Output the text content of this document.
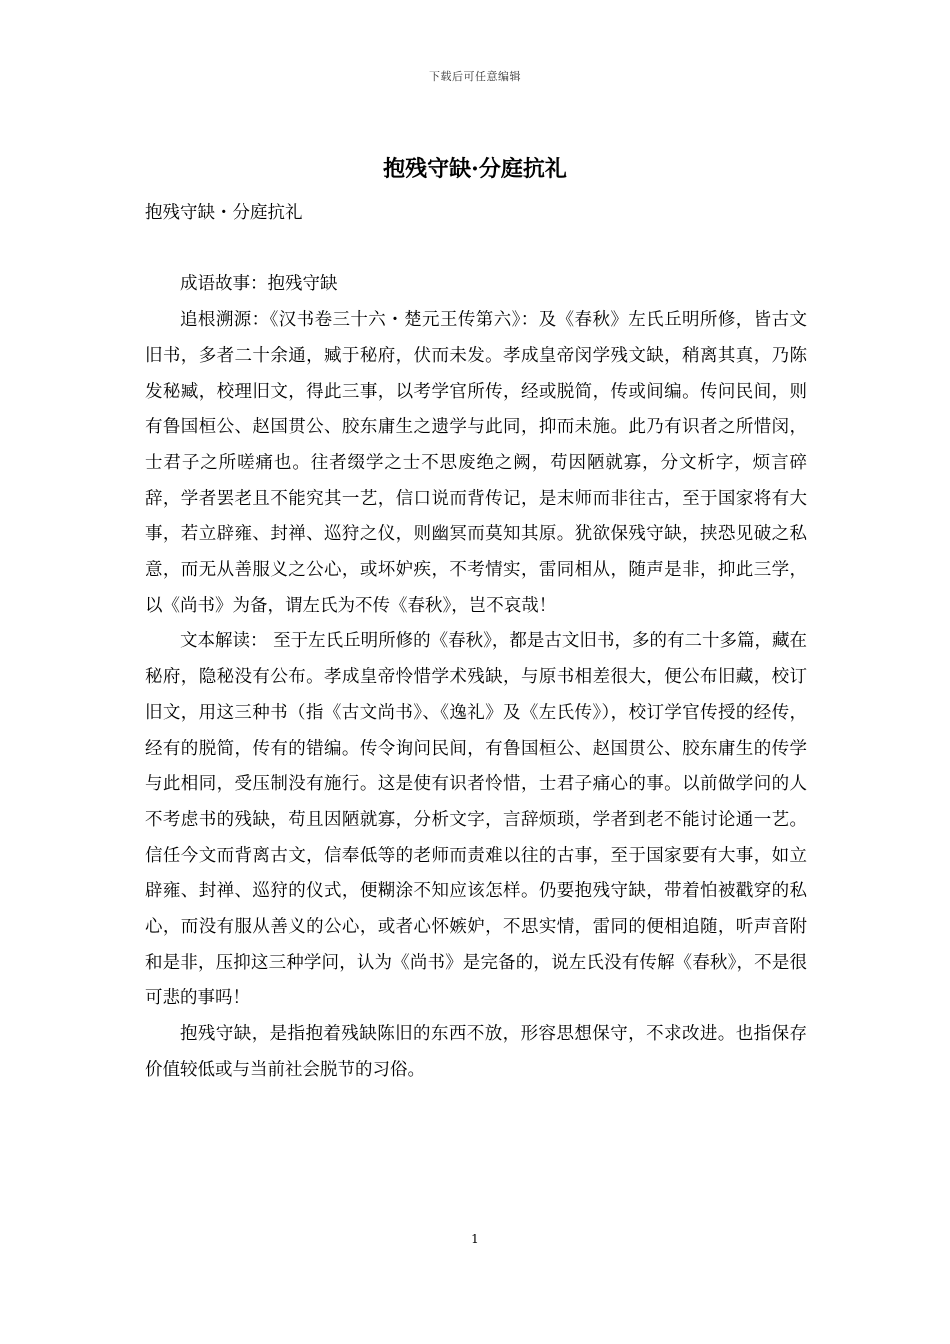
下载后可任意编辑
抱残守缺·分庭抗礼

抱残守缺・分庭抗礼

成语故事：抱残守缺

追根溯源：《汉书卷三十六・楚元王传第六》：及《春秋》左氏丘明所修，皆古文旧书，多者二十余通，臧于秘府，伏而未发。孝成皇帝闵学残文缺，稍离其真，乃陈发秘臧，校理旧文，得此三事，以考学官所传，经或脱简，传或间编。传问民间，则有鲁国桓公、赵国贯公、胶东庸生之遗学与此同，抑而未施。此乃有识者之所惜闵，士君子之所嗟痛也。往者缀学之士不思废绝之阙，苟因陋就寡，分文析字，烦言碎辞，学者罢老且不能究其一艺，信口说而背传记，是末师而非往古，至于国家将有大事，若立辟雍、封禅、巡狩之仪，则幽冥而莫知其原。犹欲保残守缺，挟恐见破之私意，而无从善服义之公心，或坏妒疾，不考情实，雷同相从，随声是非，抑此三学，以《尚书》为备，谓左氏为不传《春秋》，岂不哀哉！

文本解读： 至于左氏丘明所修的《春秋》，都是古文旧书，多的有二十多篇，藏在秘府，隐秘没有公布。孝成皇帝怜惜学术残缺，与原书相差很大，便公布旧藏，校订旧文，用这三种书（指《古文尚书》、《逸礼》及《左氏传》），校订学官传授的经传，经有的脱简，传有的错编。传令询问民间，有鲁国桓公、赵国贯公、胶东庸生的传学与此相同，受压制没有施行。这是使有识者怜惜，士君子痛心的事。以前做学问的人不考虑书的残缺，苟且因陋就寡，分析文字，言辞烦琐，学者到老不能讨论通一艺。信任今文而背离古文，信奉低等的老师而责难以往的古事，至于国家要有大事，如立辟雍、封禅、巡狩的仪式，便糊涂不知应该怎样。仍要抱残守缺，带着怕被戳穿的私心，而没有服从善义的公心，或者心怀嫉妒，不思实情，雷同的便相追随，听声音附和是非，压抑这三种学问，认为《尚书》是完备的，说左氏没有传解《春秋》，不是很可悲的事吗！

抱残守缺，是指抱着残缺陈旧的东西不放，形容思想保守，不求改进。也指保存价值较低或与当前社会脱节的习俗。

1
